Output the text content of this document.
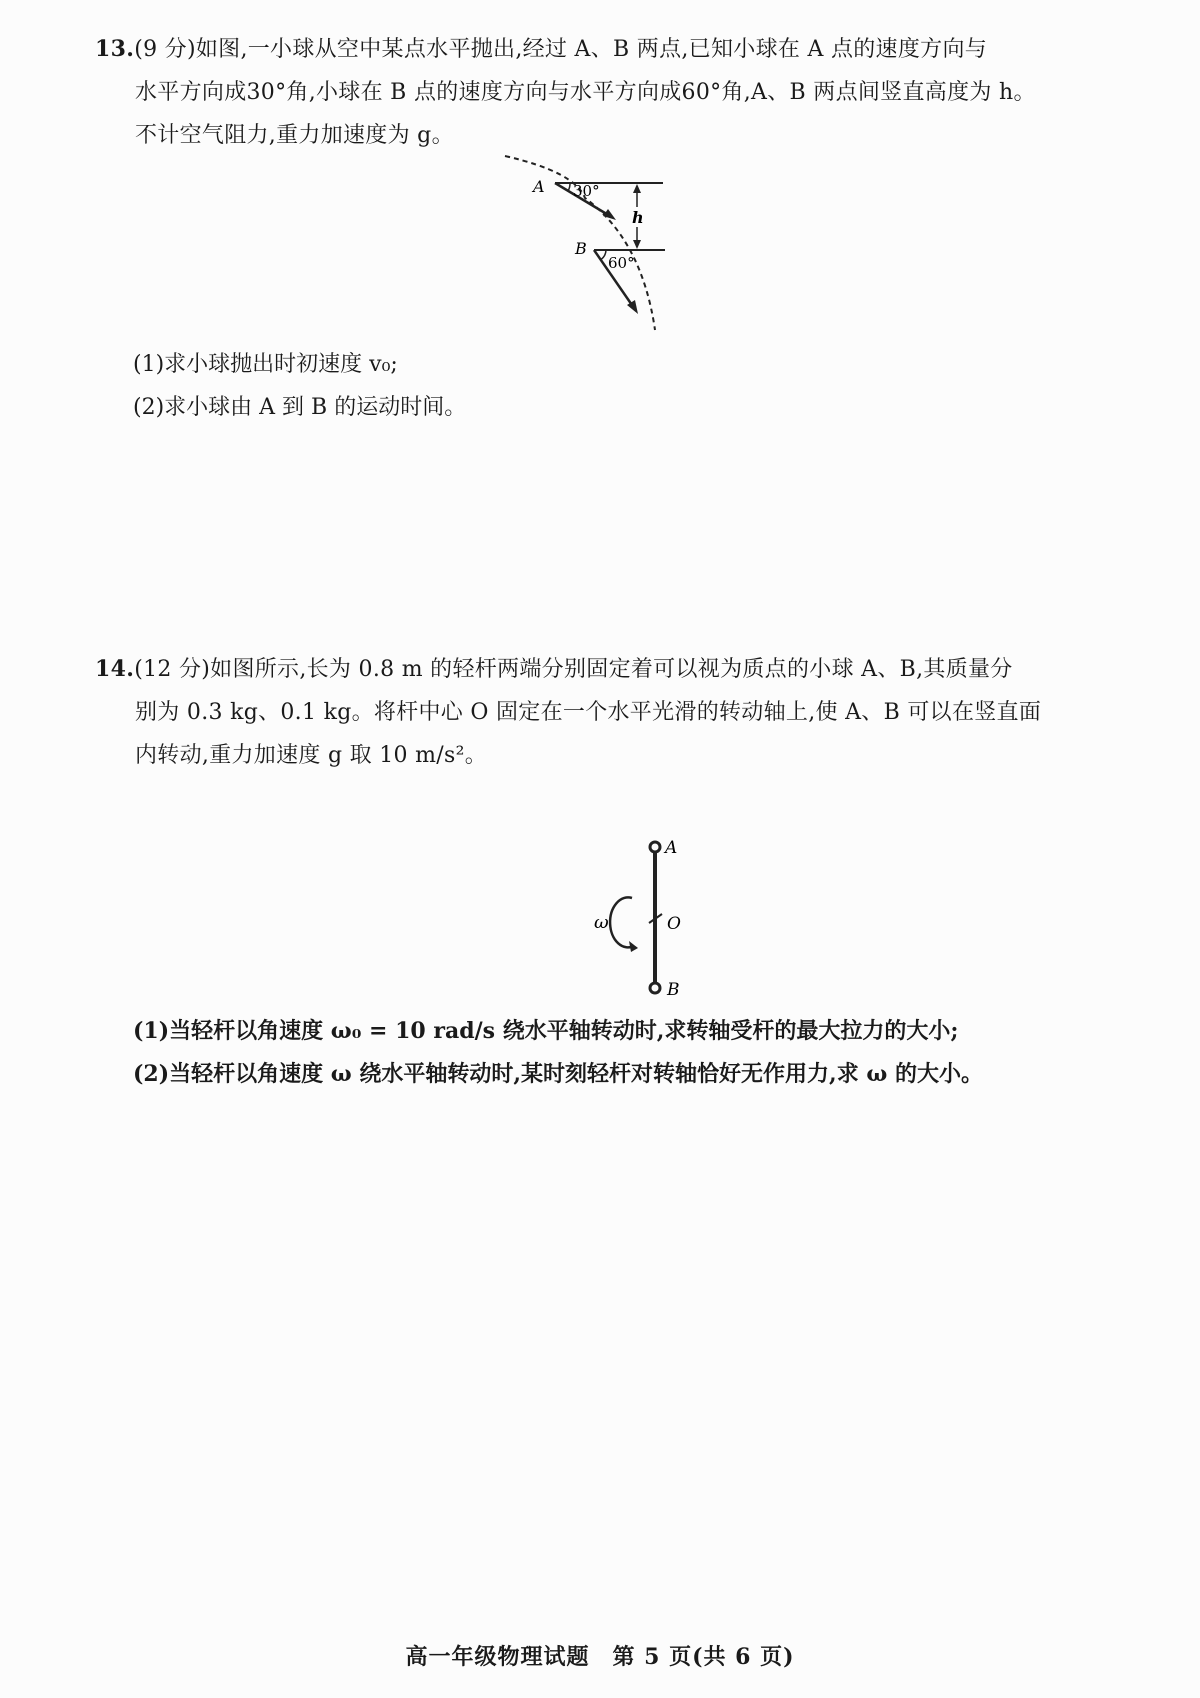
13.(9 分)如图,一小球从空中某点水平抛出,经过 A、B 两点,已知小球在 A 点的速度方向与
水平方向成30°角,小球在 B 点的速度方向与水平方向成60°角,A、B 两点间竖直高度为 h。
不计空气阻力,重力加速度为 g。
A 30°
h
B
60°
(1)求小球抛出时初速度 v₀;
(2)求小球由 A 到 B 的运动时间。
14.(12 分)如图所示,长为 0.8 m 的轻杆两端分别固定着可以视为质点的小球 A、B,其质量分
别为 0.3 kg、0.1 kg。将杆中心 O 固定在一个水平光滑的转动轴上,使 A、B 可以在竖直面
内转动,重力加速度 g 取 10 m/s²。
A
O
B
ω
(1)当轻杆以角速度 ω₀ = 10 rad/s 绕水平轴转动时,求转轴受杆的最大拉力的大小;
(2)当轻杆以角速度 ω 绕水平轴转动时,某时刻轻杆对转轴恰好无作用力,求 ω 的大小。
高一年级物理试题　第 5 页(共 6 页)
